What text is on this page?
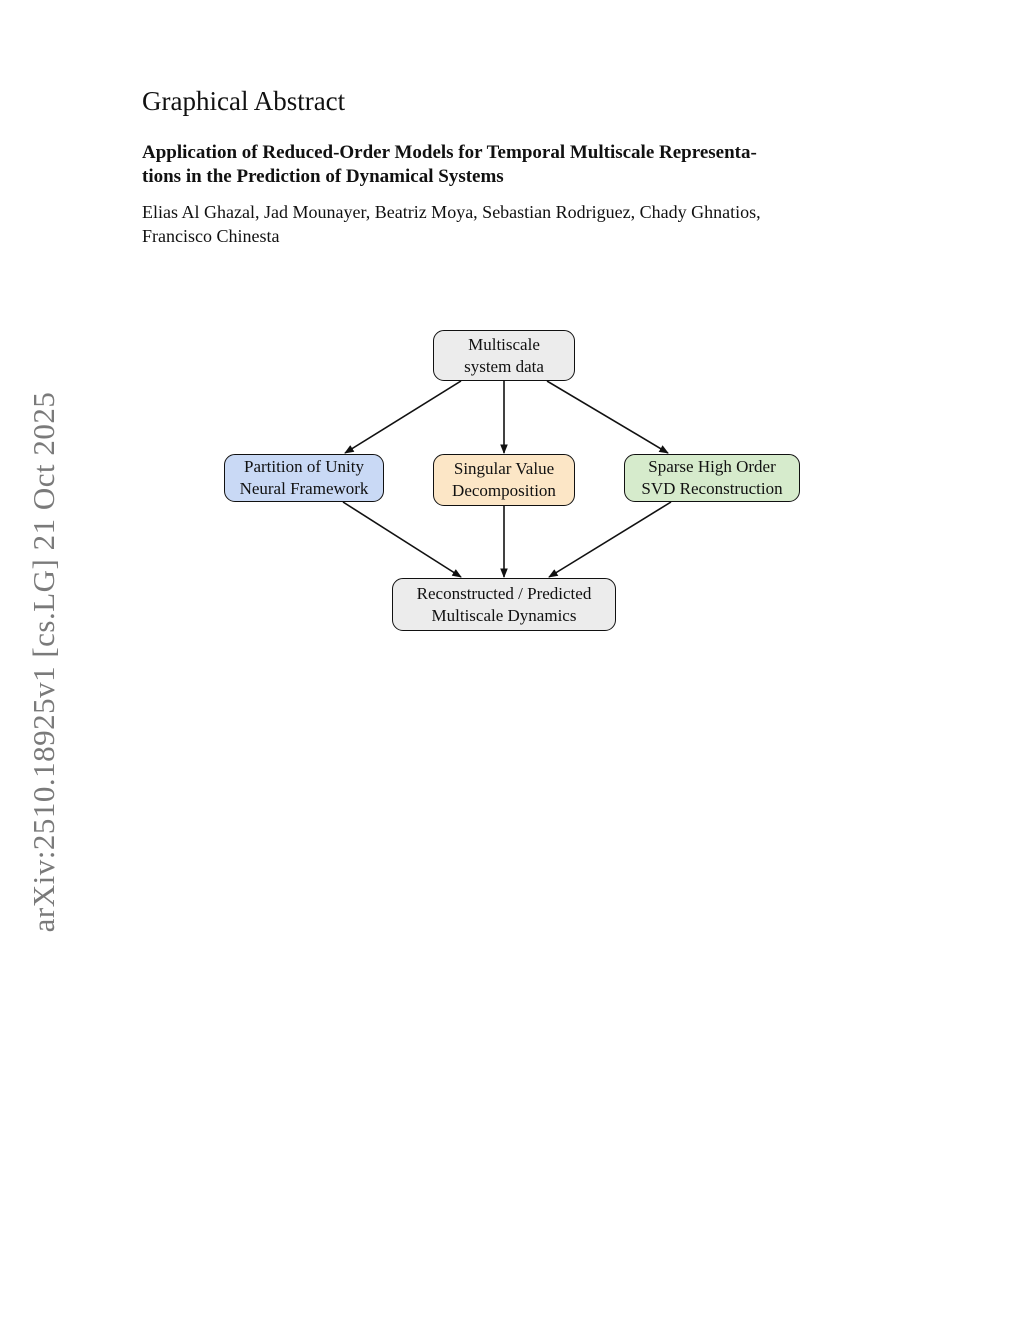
arXiv:2510.18925v1 [cs.LG] 21 Oct 2025
Graphical Abstract
Application of Reduced-Order Models for Temporal Multiscale Representa-
tions in the Prediction of Dynamical Systems
Elias Al Ghazal, Jad Mounayer, Beatriz Moya, Sebastian Rodriguez, Chady Ghnatios,
Francisco Chinesta
Multiscale
system data
Partition of Unity
Neural Framework
Singular Value
Decomposition
Sparse High Order
SVD Reconstruction
Reconstructed / Predicted
Multiscale Dynamics
